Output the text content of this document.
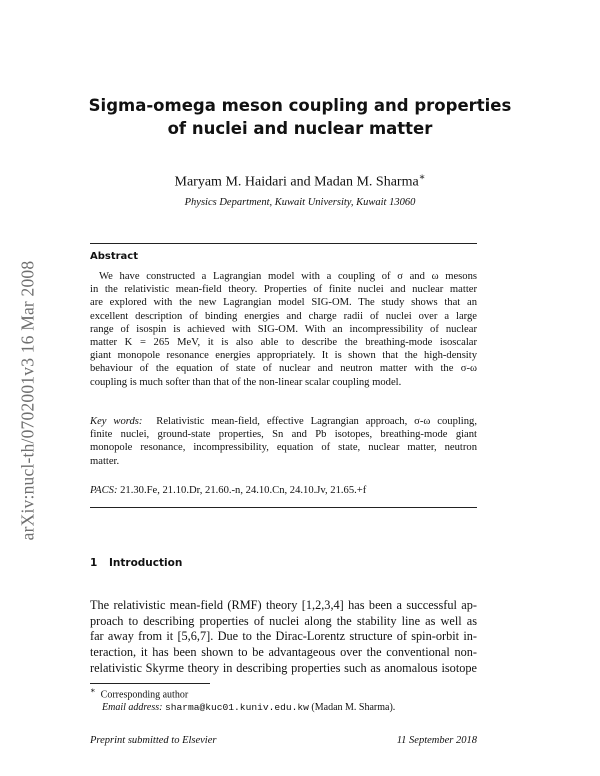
arXiv:nucl-th/0702001v3 16 Mar 2008
Sigma-omega meson coupling and properties
of nuclei and nuclear matter
Maryam M. Haidari and Madan M. Sharma∗
Physics Department, Kuwait University, Kuwait 13060
Abstract
We have constructed a Lagrangian model with a coupling of σ and ω mesons
in the relativistic mean-field theory. Properties of finite nuclei and nuclear matter
are explored with the new Lagrangian model SIG-OM. The study shows that an
excellent description of binding energies and charge radii of nuclei over a large
range of isospin is achieved with SIG-OM. With an incompressibility of nuclear
matter K = 265 MeV, it is also able to describe the breathing-mode isoscalar
giant monopole resonance energies appropriately. It is shown that the high-density
behaviour of the equation of state of nuclear and neutron matter with the σ-ω
coupling is much softer than that of the non-linear scalar coupling model.
Key words: Relativistic mean-field, effective Lagrangian approach, σ-ω coupling,
finite nuclei, ground-state properties, Sn and Pb isotopes, breathing-mode giant
monopole resonance, incompressibility, equation of state, nuclear matter, neutron
matter.
PACS: 21.30.Fe, 21.10.Dr, 21.60.-n, 24.10.Cn, 24.10.Jv, 21.65.+f
1 Introduction
The relativistic mean-field (RMF) theory [1,2,3,4] has been a successful ap-
proach to describing properties of nuclei along the stability line as well as
far away from it [5,6,7]. Due to the Dirac-Lorentz structure of spin-orbit in-
teraction, it has been shown to be advantageous over the conventional non-
relativistic Skyrme theory in describing properties such as anomalous isotope
∗ Corresponding author
Email address: sharma@kuc01.kuniv.edu.kw (Madan M. Sharma).
Preprint submitted to Elsevier	11 September 2018
